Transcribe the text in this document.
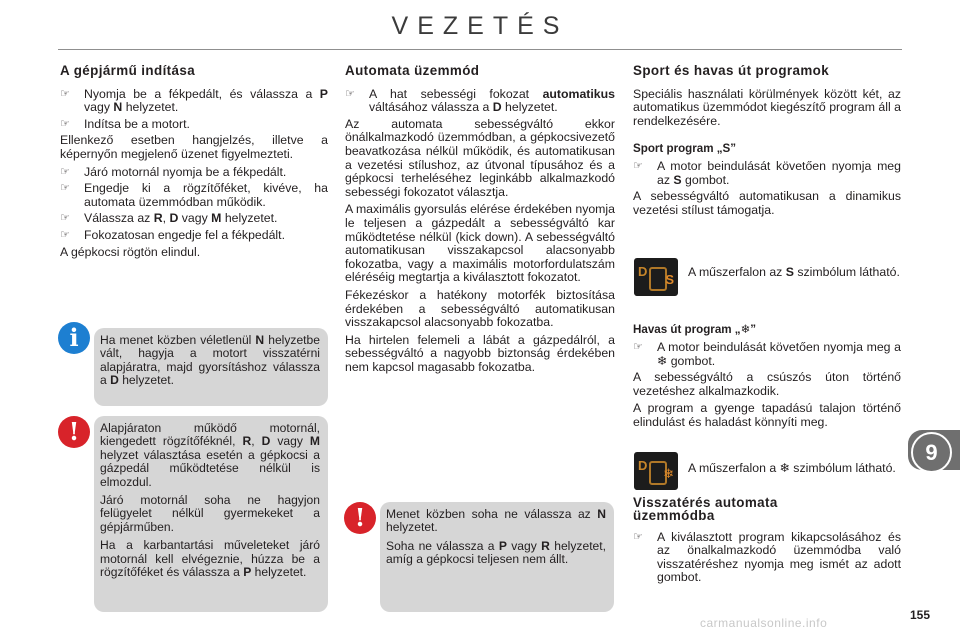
VEZETÉS
A gépjármű indítása
☞	Nyomja be a fékpedált, és válassza a P vagy N helyzetet.
☞	Indítsa be a motort.

Ellenkező esetben hangjelzés, illetve a képernyőn megjelenő üzenet figyelmezteti.

☞	Járó motornál nyomja be a fékpedált.
☞	Engedje ki a rögzítőféket, kivéve, ha automata üzemmódban működik.
☞	Válassza az R, D vagy M helyzetet.
☞	Fokozatosan engedje fel a fékpedált.

A gépkocsi rögtön elindul.

Ha menet közben véletlenül N helyzetbe vált, hagyja a motort visszatérni alapjáratra, majd gyorsításhoz válassza a D helyzetet.

i

Alapjáraton működő motornál, kiengedett rögzítőféknél, R, D vagy M helyzet választása esetén a gépkocsi a gázpedál működtetése nélkül is elmozdul.

Járó motornál soha ne hagyjon felügyelet nélkül gyermekeket a gépjárműben.

Ha a karbantartási műveleteket járó motornál kell elvégeznie, húzza be a rögzítőféket és válassza a P helyzetet.

!
Automata üzemmód
☞	A hat sebességi fokozat automatikus váltásához válassza a D helyzetet.

Az automata sebességváltó ekkor önálkalmazkodó üzemmódban, a gépkocsivezető beavatkozása nélkül működik, és automatikusan a vezetési stílushoz, az útvonal típusához és a gépkocsi terheléséhez leginkább alkalmazkodó sebességi fokozatot választja.

A maximális gyorsulás elérése érdekében nyomja le teljesen a gázpedált a sebességváltó kar működtetése nélkül (kick down). A sebességváltó automatikusan visszakapcsol alacsonyabb fokozatba, vagy a maximális motorfordulatszám eléréséig megtartja a kiválasztott fokozatot.

Fékezéskor a hatékony motorfék biztosítása érdekében a sebességváltó automatikusan visszakapcsol alacsonyabb fokozatba.

Ha hirtelen felemeli a lábát a gázpedálról, a sebességváltó a nagyobb biztonság érdekében nem kapcsol magasabb fokozatba.

Menet közben soha ne válassza az N helyzetet.

Soha ne válassza a P vagy R helyzetet, amíg a gépkocsi teljesen nem állt.

!
Sport és havas út programok

Speciális használati körülmények között két, az automatikus üzemmódot kiegészítő program áll a rendelkezésére.

Sport program „S”
☞	A motor beindulását követően nyomja meg az S gombot.

A sebességváltó automatikusan a dinamikus vezetési stílust támogatja.

Havas út program „❄”
☞	A motor beindulását követően nyomja meg a ❄ gombot.

A sebességváltó a csúszós úton történő vezetéshez alkalmazkodik.

A program a gyenge tapadású talajon történő elindulást és haladást könnyíti meg.

Visszatérés automata üzemmódba
☞	A kiválasztott program kikapcsolásához és az önalkalmazkodó üzemmódba való visszatéréshez nyomja meg ismét az adott gombot.
D
S A műszerfalon az S szimbólum látható.
D
❄ A műszerfalon a ❄ szimbólum látható.
9
carmanualsonline.info
155
